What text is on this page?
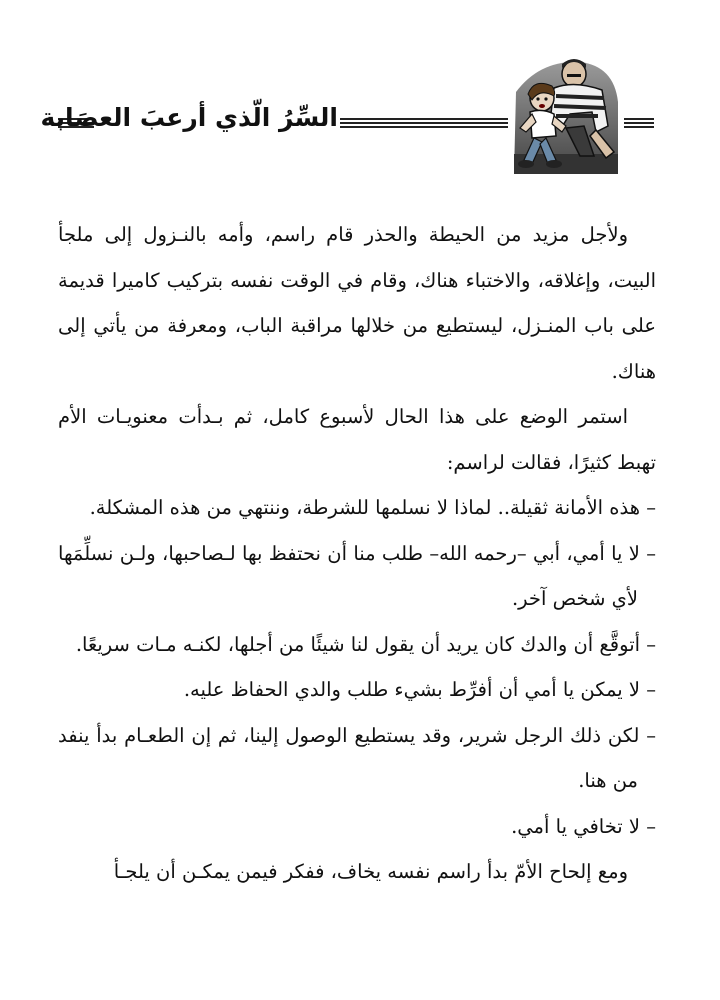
السِّرُ الّذي أرعبَ العصَابة

ولأجل مزيد من الحيطة والحذر قام راسم، وأمه بالنـزول إلى ملجأ البيت، وإغلاقه، والاختباء هناك، وقام في الوقت نفسه بتركيب كاميرا قديمة على باب المنـزل، ليستطيع من خلالها مراقبة الباب، ومعرفة من يأتي إلى هناك.

استمر الوضع على هذا الحال لأسبوع كامل، ثم بـدأت معنويـات الأم تهبط كثيرًا، فقالت لراسم:

– هذه الأمانة ثقيلة.. لماذا لا نسلمها للشرطة، وننتهي من هذه المشكلة.

– لا يا أمي، أبي –رحمه الله– طلب منا أن نحتفظ بها لـصاحبها، ولـن نسلِّمَها لأي شخص آخر.

– أتوقَّع أن والدك كان يريد أن يقول لنا شيئًا من أجلها، لكنـه مـات سريعًا.

– لا يمكن يا أمي أن أفرِّط بشيء طلب والدي الحفاظ عليه.

– لكن ذلك الرجل شرير، وقد يستطيع الوصول إلينا، ثم إن الطعـام بدأ ينفد من هنا.

– لا تخافي يا أمي.

ومع إلحاح الأمّ بدأ راسم نفسه يخاف، ففكر فيمن يمكـن أن يلجـأ
